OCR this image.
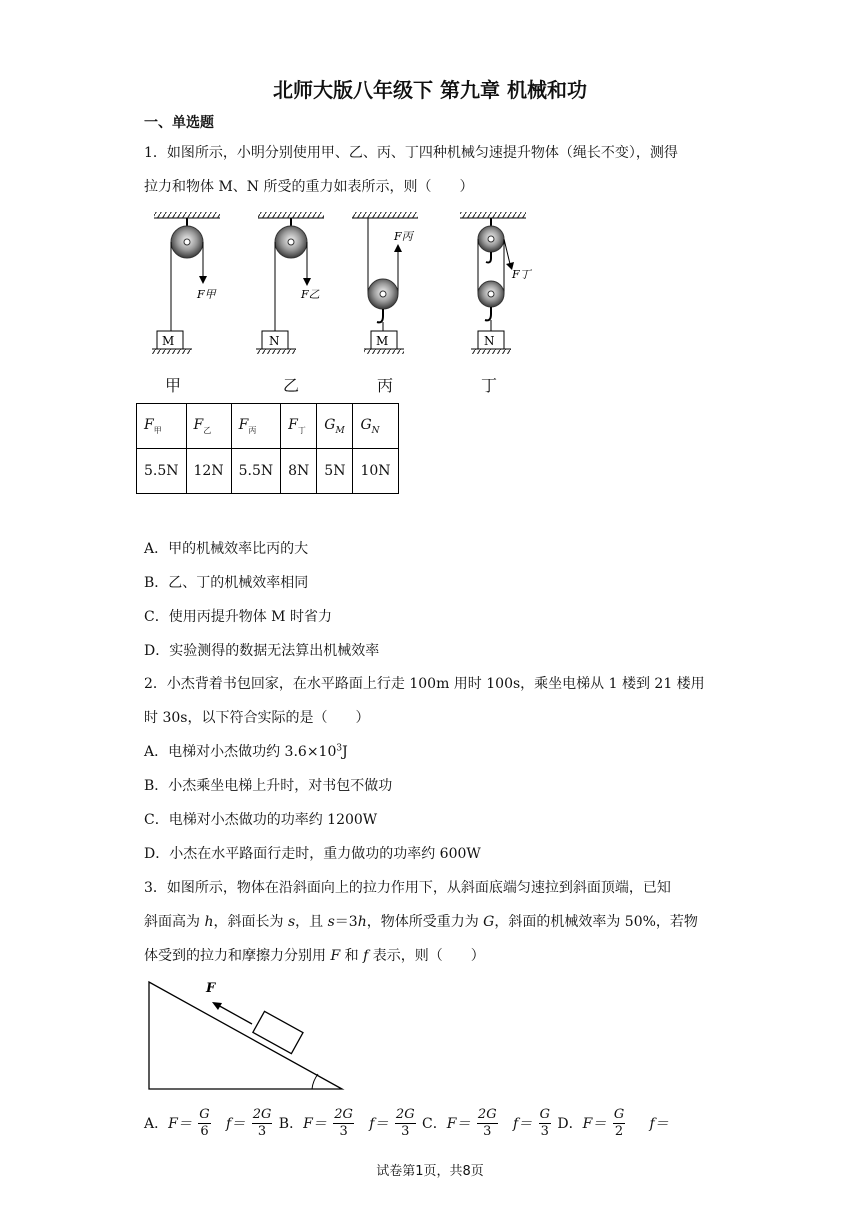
北师大版八年级下 第九章 机械和功
一、单选题
1．如图所示，小明分别使用甲、乙、丙、丁四种机械匀速提升物体（绳长不变），测得
拉力和物体 M、N 所受的重力如表所示，则（　　）
F甲
M
F乙
N
F丙
M
F丁
N
甲	乙	丙	丁
$F_甲$	$F_乙$	$F_丙$	$F_丁$	$G_M$	$G_N$
5.5N	12N	5.5N	8N	5N	10N
A．甲的机械效率比丙的大
B．乙、丁的机械效率相同
C．使用丙提升物体 M 时省力
D．实验测得的数据无法算出机械效率
2．小杰背着书包回家，在水平路面上行走 100m 用时 100s，乘坐电梯从 1 楼到 21 楼用
时 30s，以下符合实际的是（　　）
A．电梯对小杰做功约 $3.6\times 10^3J$
B．小杰乘坐电梯上升时，对书包不做功
C．电梯对小杰做功的功率约 1200W
D．小杰在水平路面行走时，重力做功的功率约 600W
3．如图所示，物体在沿斜面向上的拉力作用下，从斜面底端匀速拉到斜面顶端，已知
斜面高为 h，斜面长为 s，且 s＝3h，物体所受重力为 G，斜面的机械效率为 50%，若物
体受到的拉力和摩擦力分别用 F 和 f 表示，则（　　）
F
A．$F= \frac{G}{6} f= \frac{2G}{3}$ B．$F= \frac{2G}{3} f= \frac{2G}{3}$ C．$F= \frac{2G}{3} f= \frac{G}{3}$ D．$F= \frac{G}{2} f=$
试卷第1页，共8页
